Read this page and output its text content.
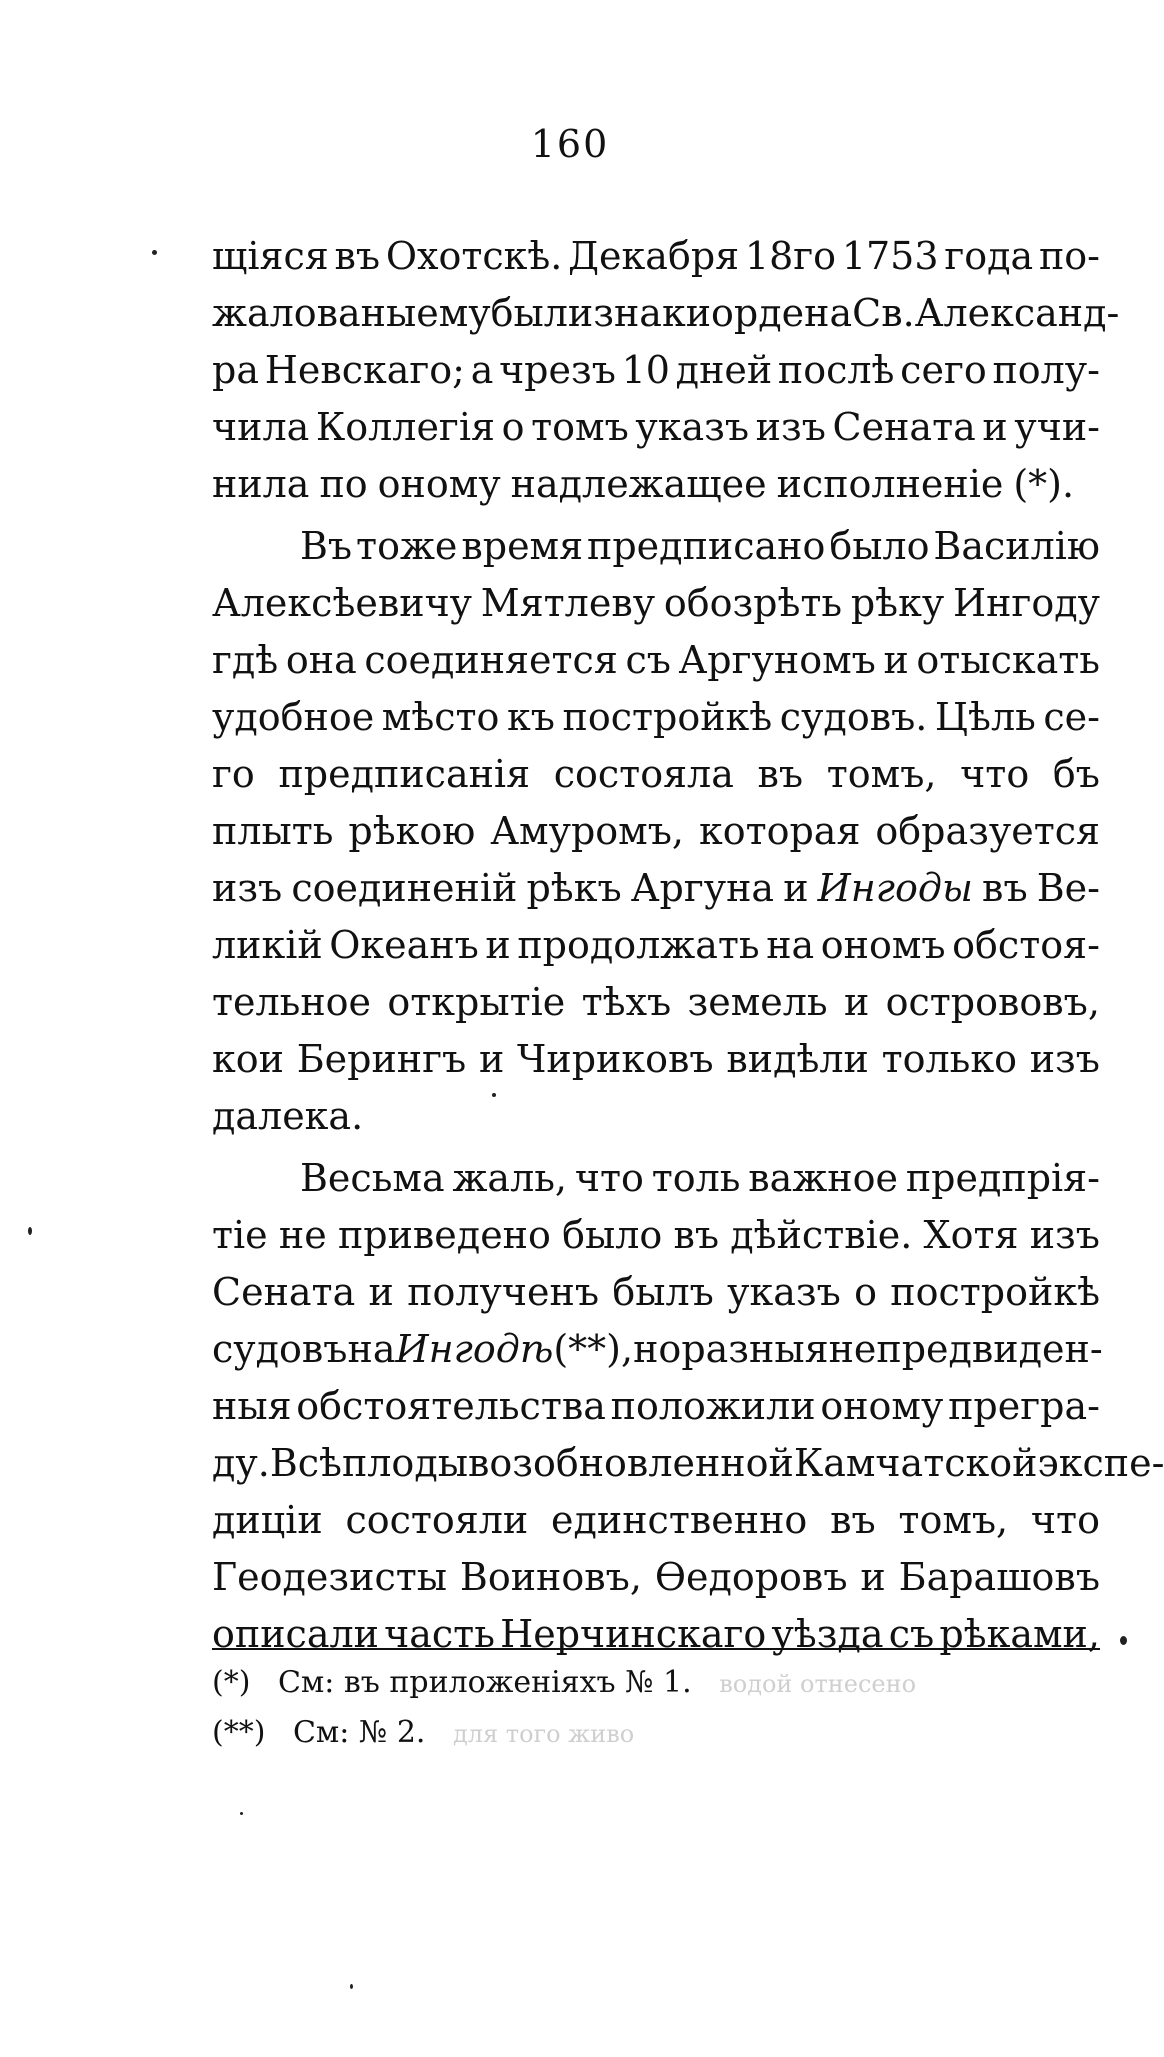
160
щіяся въ Охотскѣ. Декабря 18го 1753 года по-
жалованы ему были знаки ордена Св. Александ-
ра Невскаго; а чрезъ 10 дней послѣ сего полу-
чила Коллегія о томъ указъ изъ Сената и учи-
нила по оному надлежащее исполненіе (*).
Въ тоже время предписано было Василію
Алексѣевичу Мятлеву обозрѣть рѣку Ингоду
гдѣ она соединяется съ Аргуномъ и отыскать
удобное мѣсто къ постройкѣ судовъ. Цѣль се-
го предписанія состояла въ томъ, что бъ
плыть рѣкою Амуромъ, которая образуется
изъ соединеній рѣкъ Аргуна и Ингоды въ Ве-
ликій Океанъ и продолжать на ономъ обстоя-
тельное открытіе тѣхъ земель и острововъ,
кои Берингъ и Чириковъ видѣли только изъ
далека.
Весьма жаль, что толь важное предпрія-
тіе не приведено было въ дѣйствіе. Хотя изъ
Сената и полученъ былъ указъ о постройкѣ
судовъ на Ингодѣ (**), но разныя непредвиден-
ныя обстоятельства положили оному прегра-
ду. Всѣ плоды возобновленной Камчатской экспе-
диціи состояли единственно въ томъ, что
Геодезисты Воиновъ, Ѳедоровъ и Барашовъ
описали часть Нерчинскаго уѣзда съ рѣками,
(*) См: въ приложеніяхъ № 1. водой отнесено
(**) См: № 2. для того живо
